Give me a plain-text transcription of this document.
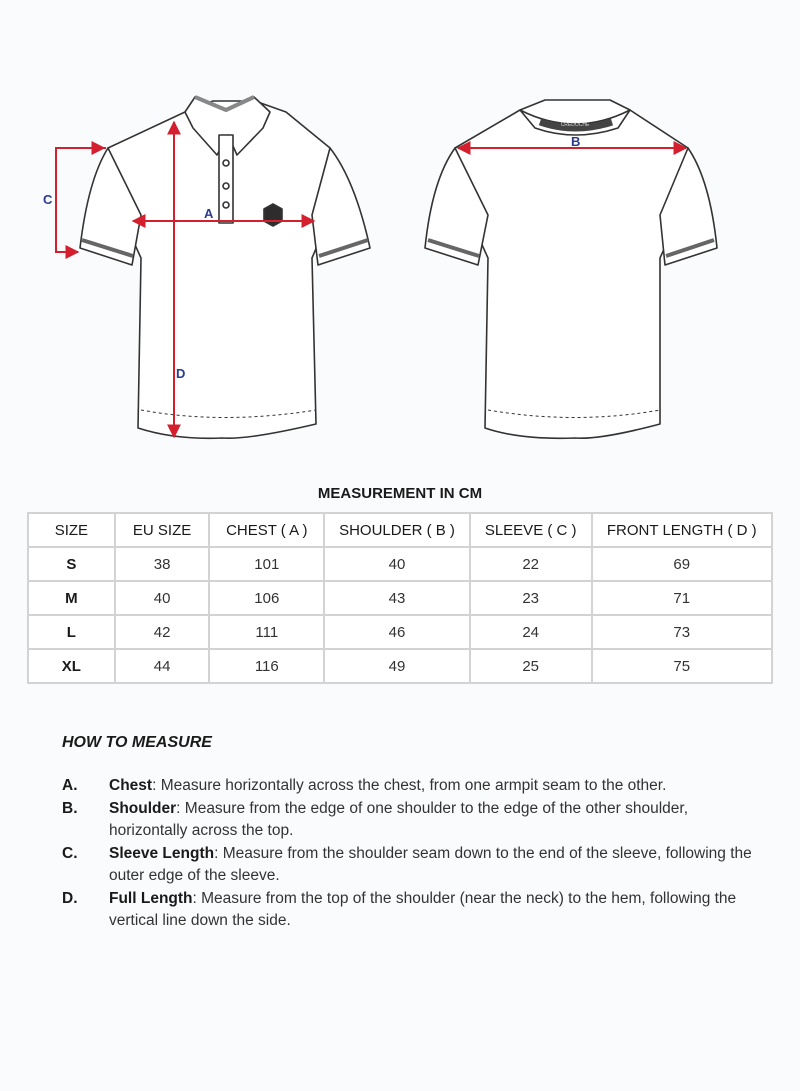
CREDOCHE
A
B
C
D
MEASUREMENT IN CM
SIZE	EU SIZE	CHEST ( A )	SHOULDER ( B )	SLEEVE ( C )	FRONT LENGTH ( D )
S	38	101	40	22	69
M	40	106	43	23	71
L	42	111	46	24	73
XL	44	116	49	25	75
HOW TO MEASURE
A.	Chest: Measure horizontally across the chest, from one armpit seam to the other.
B.	Shoulder: Measure from the edge of one shoulder to the edge of the other shoulder, horizontally across the top.
C.	Sleeve Length: Measure from the shoulder seam down to the end of the sleeve, following the outer edge of the sleeve.
D.	Full Length: Measure from the top of the shoulder (near the neck) to the hem, following the vertical line down the side.
